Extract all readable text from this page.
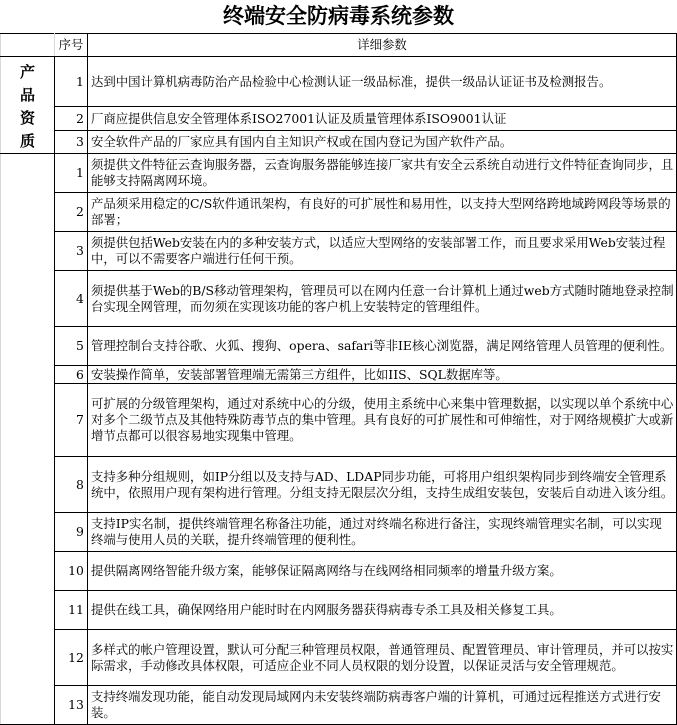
终端安全防病毒系统参数
	序号	详细参数
产品资质	1	达到中国计算机病毒防治产品检验中心检测认证一级品标准，提供一级品认证证书及检测报告。
	2	厂商应提供信息安全管理体系ISO27001认证及质量管理体系ISO9001认证
	3	安全软件产品的厂家应具有国内自主知识产权或在国内登记为国产软件产品。
	1	须提供文件特征云查询服务器，云查询服务器能够连接厂家共有安全云系统自动进行文件特征查询同步，且能够支持隔离网环境。
	2	产品须采用稳定的C/S软件通讯架构，有良好的可扩展性和易用性，以支持大型网络跨地域跨网段等场景的部署；
	3	须提供包括Web安装在内的多种安装方式，以适应大型网络的安装部署工作，而且要求采用Web安装过程中，可以不需要客户端进行任何干预。
	4	须提供基于Web的B/S移动管理架构，管理员可以在网内任意一台计算机上通过web方式随时随地登录控制台实现全网管理，而勿须在实现该功能的客户机上安装特定的管理组件。
	5	管理控制台支持谷歌、火狐、搜狗、opera、safari等非IE核心浏览器，满足网络管理人员管理的便利性。
	6	安装操作简单，安装部署管理端无需第三方组件，比如IIS、SQL数据库等。
	7	可扩展的分级管理架构，通过对系统中心的分级，使用主系统中心来集中管理数据，以实现以单个系统中心对多个二级节点及其他特殊防毒节点的集中管理。具有良好的可扩展性和可伸缩性，对于网络规模扩大或新增节点都可以很容易地实现集中管理。
	8	支持多种分组规则，如IP分组以及支持与AD、LDAP同步功能，可将用户组织架构同步到终端安全管理系统中，依照用户现有架构进行管理。分组支持无限层次分组，支持生成组安装包，安装后自动进入该分组。
	9	支持IP实名制，提供终端管理名称备注功能，通过对终端名称进行备注，实现终端管理实名制，可以实现终端与使用人员的关联，提升终端管理的便利性。
	10	提供隔离网络智能升级方案，能够保证隔离网络与在线网络相同频率的增量升级方案。
	11	提供在线工具，确保网络用户能时时在内网服务器获得病毒专杀工具及相关修复工具。
	12	多样式的帐户管理设置，默认可分配三种管理员权限，普通管理员、配置管理员、审计管理员，并可以按实际需求，手动修改具体权限，可适应企业不同人员权限的划分设置，以保证灵活与安全管理规范。
	13	支持终端发现功能，能自动发现局域网内未安装终端防病毒客户端的计算机，可通过远程推送方式进行安装。
